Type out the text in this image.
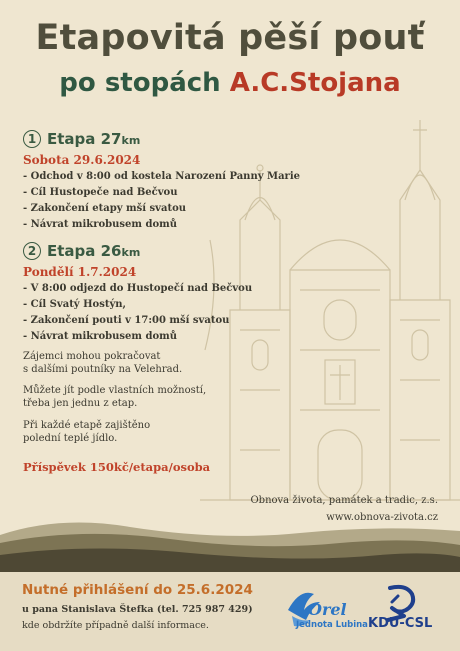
Etapovitá pěší pouť
po stopách A.C.Stojana
1 Etapa 27km
Sobota 29.6.2024
- Odchod v 8:00 od kostela Narození Panny Marie
- Cíl Hustopeče nad Bečvou
- Zakončení etapy mší svatou
- Návrat mikrobusem domů
2 Etapa 26km
Pondělí 1.7.2024
- V 8:00 odjezd do Hustopečí nad Bečvou
- Cíl Svatý Hostýn,
- Zakončení pouti v 17:00 mší svatou
- Návrat mikrobusem domů
Zájemci mohou pokračovat
s dalšími poutníky na Velehrad.
Můžete jít podle vlastních možností,
třeba jen jednu z etap.
Při každé etapě zajištěno
polední teplé jídlo.
Příspěvek 150kč/etapa/osoba
Obnova života, památek a tradic, z.s.
www.obnova-zivota.cz
Nutné přihlášení do 25.6.2024
u pana Stanislava Štefka (tel. 725 987 429)
kde obdržíte případně další informace.
Orel
Jednota Lubina KDU-CSL
